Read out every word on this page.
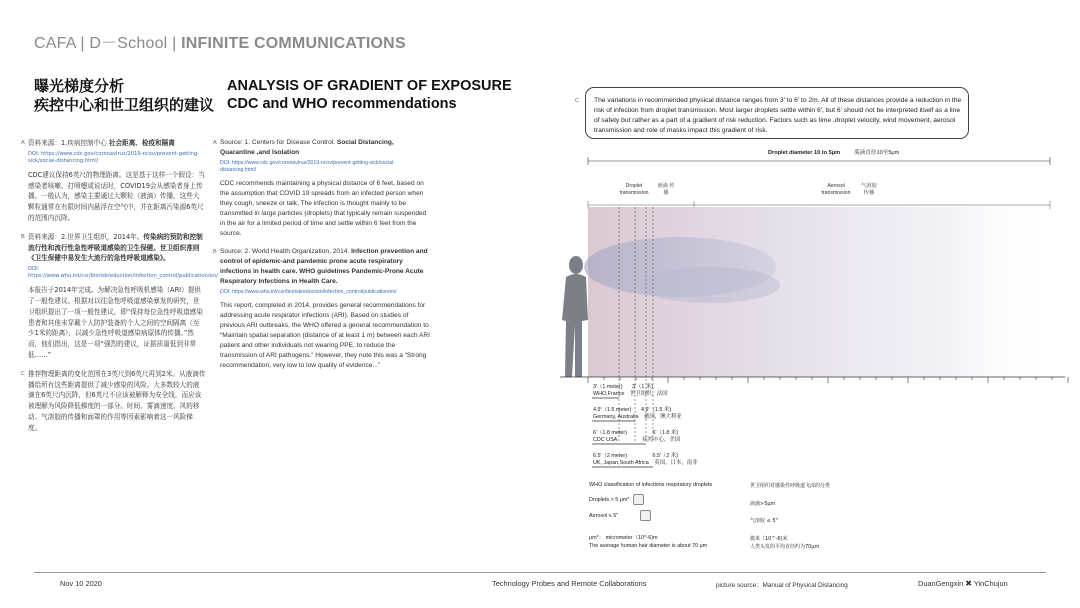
CAFA | D－School | INFINITE COMMUNICATIONS
曝光梯度分析
疾控中心和世卫组织的建议
ANALYSIS OF GRADIENT OF EXPOSURE
CDC and WHO recommendations
A 资料来源：1.疾病控制中心 社会距离、检疫和隔离
DOI: https://www.cdc.gov/coronavirus/2019-ncov/prevent-getting-sick/social-distancing.html/
CDC建议保持6英尺的物理距离。这是基于这样一个假设：当感染者咳嗽、打喷嚏或说话时，COVID19会从感染者身上传播。一般认为，感染主要通过大颗粒（液滴）传播，这些大颗粒通常在有限时间内悬浮在空气中，并在距离污染源6英尺的范围内沉降。
B 资料来源：2.世界卫生组织，2014年。传染病的预防和控制流行性和流行性急性呼吸道感染的卫生保健。世卫组织准则《卫生保健中易发生大流行的急性呼吸道感染》。
DOI: https://www.who.int/csr/bioriskreduction/infection_control/publication/en/
本报告于2014年完成。为解决急性呼吸机感染（ARI）提供了一般性建议。根据对以往急性呼吸道感染暴发的研究，世卫组织提出了一项一般性建议，即“保持每位急性呼吸道感染患者和其他未穿戴个人防护装备的个人之间的空间隔离（至少1米的距离），以减少急性呼吸道感染病原体的传播。”然而，他们指出，这是一项“强烈的建议，证据质量低到非常低……”
C 推荐物理距离的变化范围在3英尺到6英尺再到2米。从液滴传播给所有这些距离提供了减少感染的风险。大多数较大的液滴在6英尺内沉降，但6英尺不应该被解释为安全线，而应该被理解为风险降低梯度的一部分。时间、雾滴速度、风的移动、气溶胶的传播和面罩的作用等因素影响着这一风险梯度。
A Source: 1. Centers for Disease Control. Social Distancing, Quarantine ,and Isolation
DOI: https://www.cdc.gov/coronavirus/2019-ncov/prevent-getting-sick/social-distancing.html/
CDC recommends maintaining a physical distance of 6 feet, based on the assumption that COVID 19 spreads from an infected person when they cough, sneeze or talk. The infection is thought mainly to be transmitted in large particles (droplets) that typically remain suspended in the air for a limited period of time and settle within 6 feet from the source.
B Source: 2. World Health Organization, 2014. Infection prevention and control of epidemic-and pandemic prone acute respiratory infections in health care. WHO guidelines Pandemic-Prone Acute Respiratory Infections in Health Care.
DOI: https://www.who.int/csr/bioriskreduction/infection_control/publication/en/
This report, completed in 2014, provides general recommendations for addressing acute respirator infections (ARI). Based on studies of previous ARI outbreaks, the WHO offered a general recommendation to “Maintain spatial separation (distance of at least 1 m) between each ARI patient and other individuals not wearing PPE, to reduce the transmission of ARI pathogens.” However, they note this was a “Strong recommendation, very low to low quality of evidence...”
C	The variations in recommended physical distance ranges from 3' to 6' to 2m. All of these distances provide a reduction in the risk of infection from droplet transmission. Most larger droplets settle within 6', but 6' should not be interpreted itself as a line of safety but rather as a part of a gradient of risk reduction. Factors such as time ,droplet velocity, wind movement, aerosol transmission and role of masks impact this gradient of risk.
Droplet diameter 10 to 5μm	雾滴直径10至5μm
Droplet transmission
液滴 传播
Aerosol transmission
气溶胶 传播
3'（1 meter) 3'（1 米)
WHO,France 世卫组织，法国
4.9'（1.5 meter) 4.9'（1.5 米)
Germany, Australia 德国，澳大利亚
6'（1.8 meter)	6'（1.8 米)
CDC USA	疾控中心，美国
6.5'（2 meter)	6.5'（2 米)
UK, Japan,South Africa 英国，日本，南非
WHO classification of infections respiratory droplets
Droplets > 5 μm*
Aerosol ≤ 5"
μm*： micrometer（10^-6)m
The average human hair diameter is about 70 μm
世卫组织对感染性呼吸道飞沫的分类
液滴>5μm
气溶胶 ≤ 5"
微米（10^-6)米
人类头发的平均直径约为70μm
Nov 10 2020	Technology Probes and Remote Collaborations	picture source：Manual of Physical Distancing	DuanGengxin ✖ YinChujun
